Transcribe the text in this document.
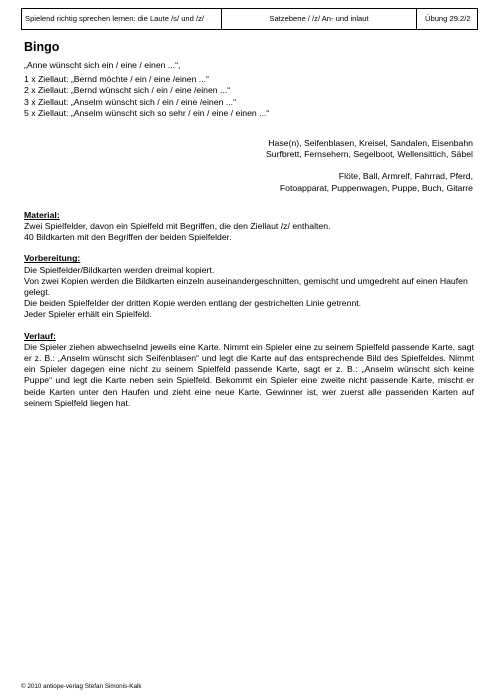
Spielend richtig sprechen lernen: die Laute /s/ und /z/	Satzebene / /z/ An- und inlaut	Übung 29.2/2
Bingo

„Anne wünscht sich ein / eine / einen ...“,

1 x Ziellaut: „Bernd möchte / ein / eine /einen ...“

2 x Ziellaut: „Bernd wünscht sich / ein / eine /einen ...“

3 x Ziellaut: „Anselm wünscht sich / ein / eine /einen ...“

5 x Ziellaut: „Anselm wünscht sich so sehr / ein / eine / einen ...“

Hase(n), Seifenblasen, Kreisel, Sandalen, Eisenbahn
Surfbrett, Fernsehern, Segelboot, Wellensittich, Säbel
Flöte, Ball, Armreif, Fahrrad, Pferd,
Fotoapparat, Puppenwagen, Puppe, Buch, Gitarre
Material:

Zwei Spielfelder, davon ein Spielfeld mit Begriffen, die den Ziellaut /z/ enthalten.

40 Bildkarten mit den Begriffen der beiden Spielfelder.

Vorbereitung:

Die Spielfelder/Bildkarten werden dreimal kopiert.

Von zwei Kopien werden die Bildkarten einzeln auseinandergeschnitten, gemischt und umgedreht auf einen Haufen gelegt.

Die beiden Spielfelder der dritten Kopie werden entlang der gestrichelten Linie getrennt.

Jeder Spieler erhält ein Spielfeld.

Verlauf:

Die Spieler ziehen abwechselnd jeweils eine Karte. Nimmt ein Spieler eine zu seinem Spielfeld passende Karte, sagt er z. B.: „Anselm wünscht sich Seifenblasen“ und legt die Karte auf das entsprechende Bild des Spielfeldes. Nimmt ein Spieler dagegen eine nicht zu seinem Spielfeld passende Karte, sagt er z. B.: „Anselm wünscht sich keine Puppe“ und legt die Karte neben sein Spielfeld. Bekommt ein Spieler eine zweite nicht passende Karte, mischt er beide Karten unter den Haufen und zieht eine neue Karte. Gewinner ist, wer zuerst alle passenden Karten auf seinem Spielfeld liegen hat.

© 2010 antiope-verlag Stefan Simonis-Kalk
